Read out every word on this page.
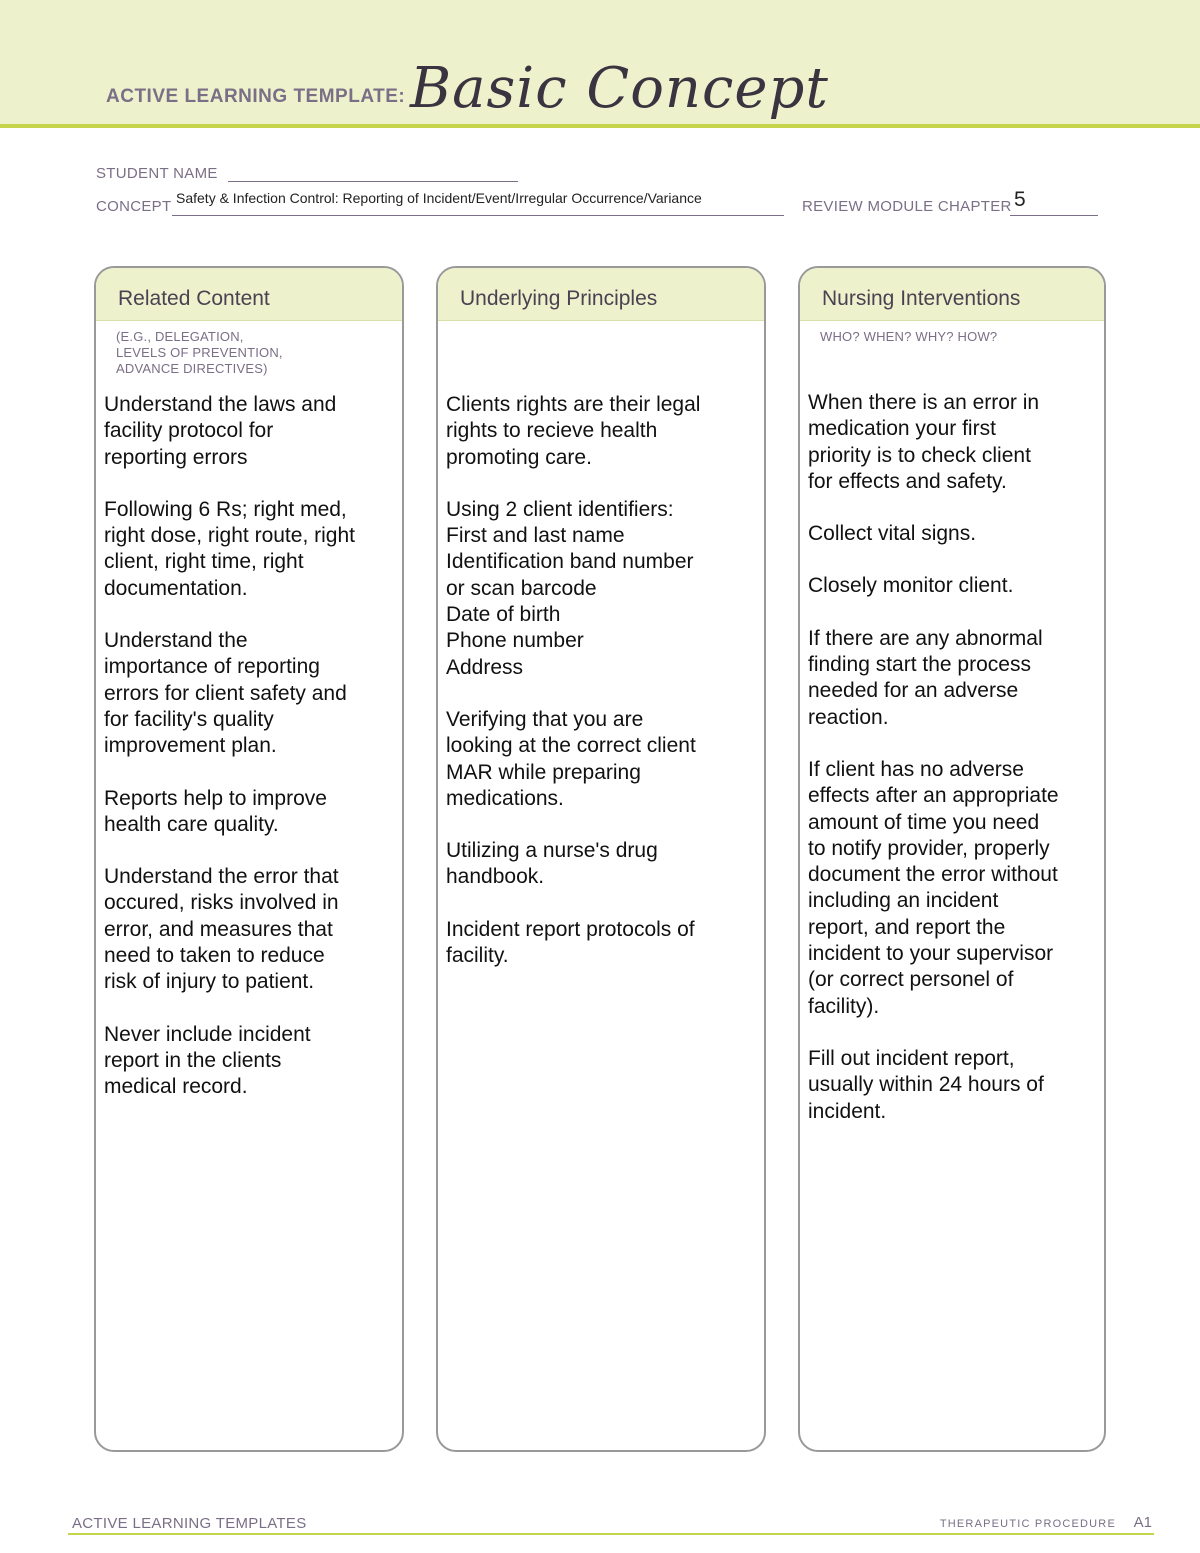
ACTIVE LEARNING TEMPLATE: Basic Concept
STUDENT NAME
CONCEPT Safety & Infection Control: Reporting of Incident/Event/Irregular Occurrence/Variance	REVIEW MODULE CHAPTER 5
Related Content
(E.G., DELEGATION,
LEVELS OF PREVENTION,
ADVANCE DIRECTIVES)

Understand the laws and
facility protocol for
reporting errors

Following 6 Rs; right med,
right dose, right route, right
client, right time, right
documentation.

Understand the
importance of reporting
errors for client safety and
for facility's quality
improvement plan.

Reports help to improve
health care quality.

Understand the error that
occured, risks involved in
error, and measures that
need to taken to reduce
risk of injury to patient.

Never include incident
report in the clients
medical record.

Underlying Principles

Clients rights are their legal
rights to recieve health
promoting care.

Using 2 client identifiers:
First and last name
Identification band number
or scan barcode
Date of birth
Phone number
Address

Verifying that you are
looking at the correct client
MAR while preparing
medications.

Utilizing a nurse's drug
handbook.

Incident report protocols of
facility.

Nursing Interventions
WHO? WHEN? WHY? HOW?

When there is an error in
medication your first
priority is to check client
for effects and safety.

Collect vital signs.

Closely monitor client.

If there are any abnormal
finding start the process
needed for an adverse
reaction.

If client has no adverse
effects after an appropriate
amount of time you need
to notify provider, properly
document the error without
including an incident
report, and report the
incident to your supervisor
(or correct personel of
facility).

Fill out incident report,
usually within 24 hours of
incident.

ACTIVE LEARNING TEMPLATES	THERAPEUTIC PROCEDURE A1
